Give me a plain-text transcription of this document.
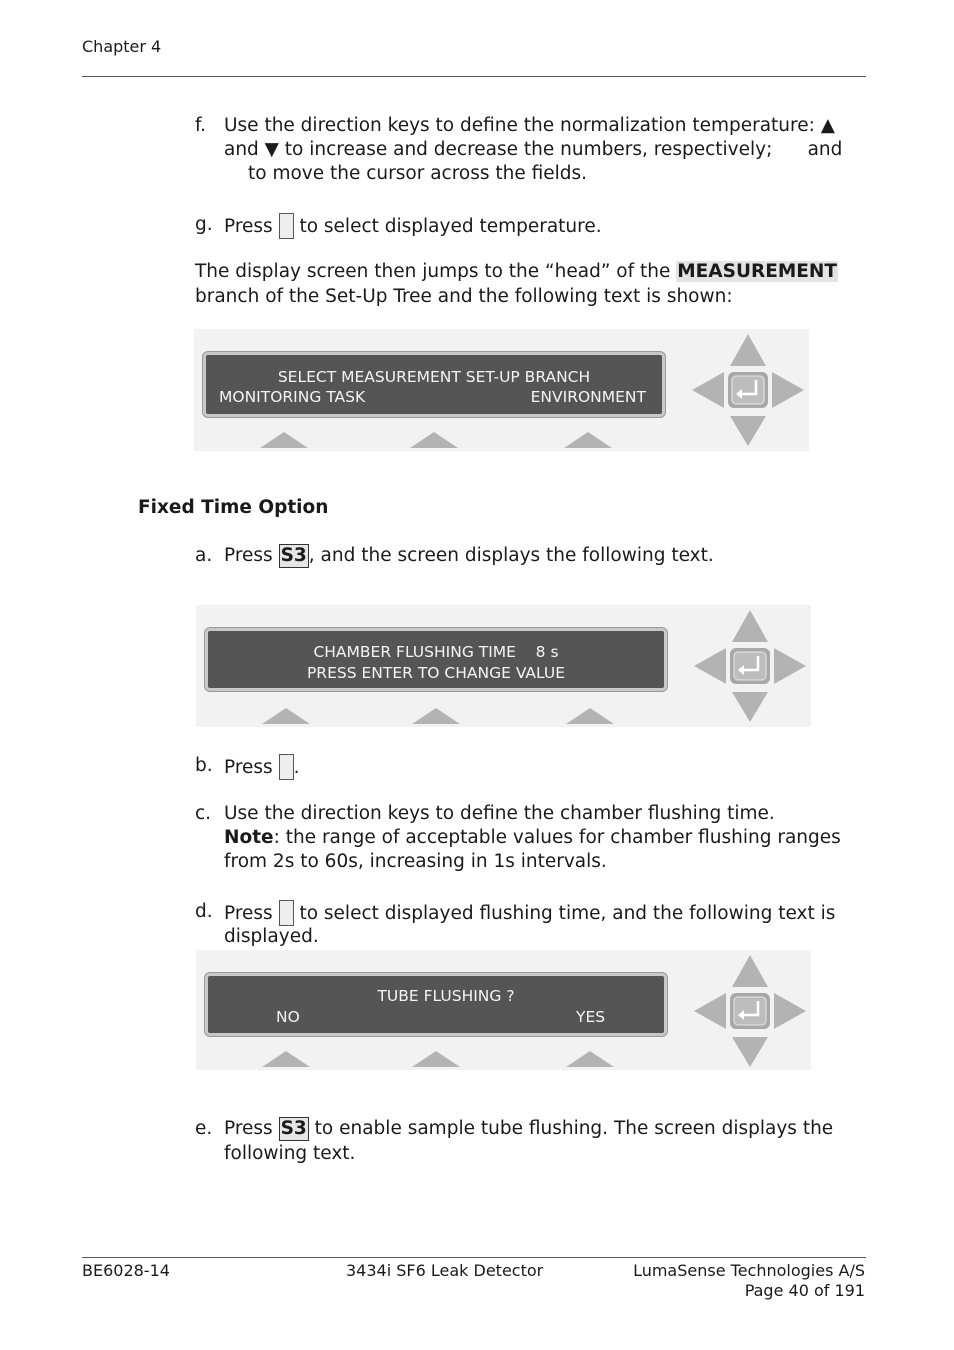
Chapter 4
f. Use the direction keys to define the normalization temperature: ▲
and ▼ to increase and decrease the numbers, respectively;      and
to move the cursor across the fields.
g. Press  to select displayed temperature.
The display screen then jumps to the “head” of the MEASUREMENT
branch of the Set-Up Tree and the following text is shown:
SELECT MEASUREMENT SET-UP BRANCH
MONITORING TASK	ENVIRONMENT
Fixed Time Option
a. Press S3 , and the screen displays the following text.
CHAMBER FLUSHING TIME    8 s
PRESS ENTER TO CHANGE VALUE
b. Press .
c. Use the direction keys to define the chamber flushing time.
Note: the range of acceptable values for chamber flushing ranges
from 2s to 60s, increasing in 1s intervals.
d. Press  to select displayed flushing time, and the following text is
displayed.
TUBE FLUSHING ?
NO	YES
e. Press S3 to enable sample tube flushing. The screen displays the
following text.
BE6028-14	3434i SF6 Leak Detector	LumaSense Technologies A/S
Page 40 of 191
